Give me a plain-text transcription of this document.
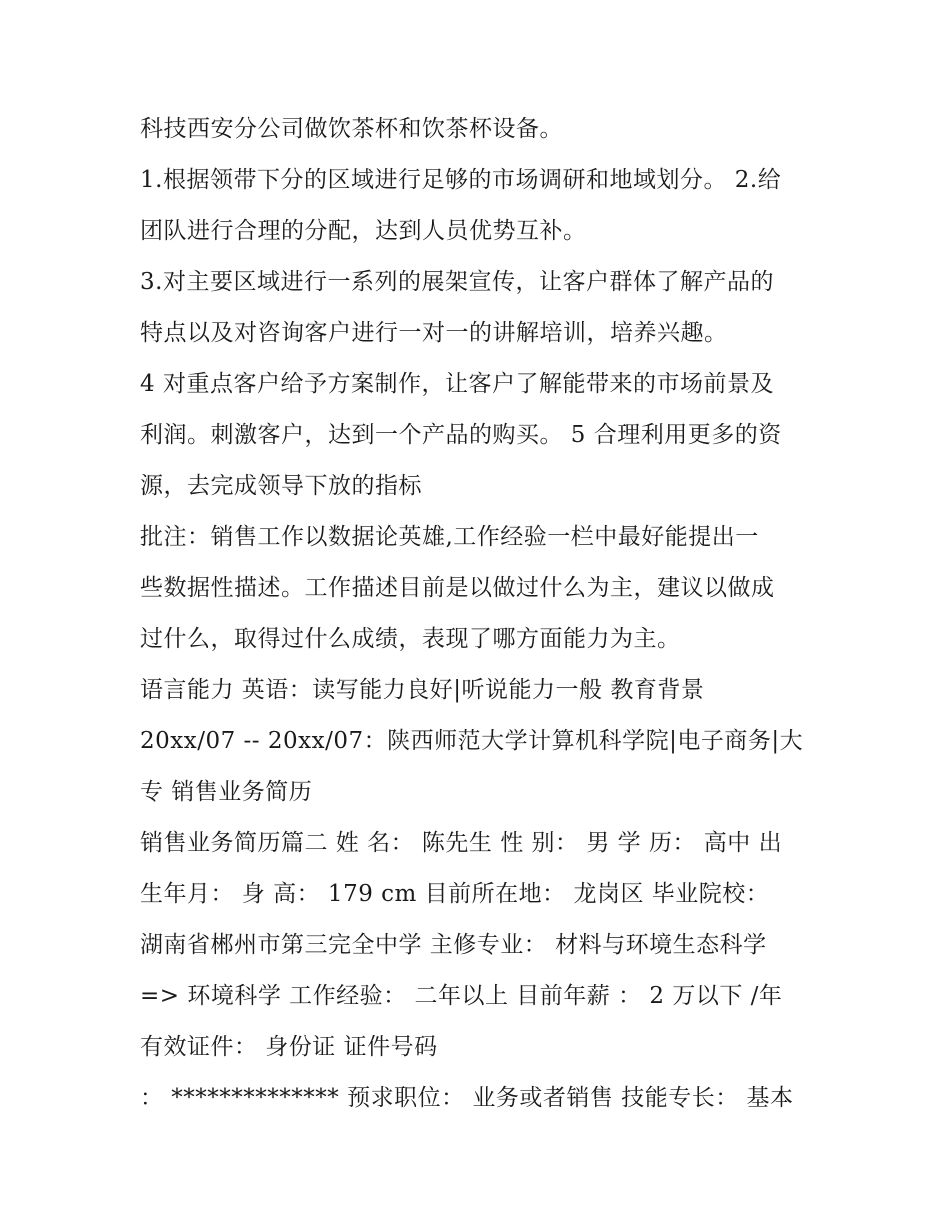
科技西安分公司做饮茶杯和饮茶杯设备。
1.根据领带下分的区域进行足够的市场调研和地域划分。 2.给
团队进行合理的分配，达到人员优势互补。
3.对主要区域进行一系列的展架宣传，让客户群体了解产品的
特点以及对咨询客户进行一对一的讲解培训，培养兴趣。
4 对重点客户给予方案制作，让客户了解能带来的市场前景及
利润。刺激客户，达到一个产品的购买。 5 合理利用更多的资
源，去完成领导下放的指标
批注：销售工作以数据论英雄,工作经验一栏中最好能提出一
些数据性描述。工作描述目前是以做过什么为主，建议以做成
过什么，取得过什么成绩，表现了哪方面能力为主。
语言能力 英语：读写能力良好|听说能力一般 教育背景
20xx/07 -- 20xx/07：陕西师范大学计算机科学院|电子商务|大
专 销售业务简历
销售业务简历篇二 姓 名： 陈先生 性 别： 男 学 历： 高中 出
生年月： 身 高： 179 cm 目前所在地： 龙岗区 毕业院校：
湖南省郴州市第三完全中学 主修专业： 材料与环境生态科学
=> 环境科学 工作经验： 二年以上 目前年薪 ： 2 万以下 /年
有效证件： 身份证 证件号码
： ************** 预求职位： 业务或者销售 技能专长： 基本
